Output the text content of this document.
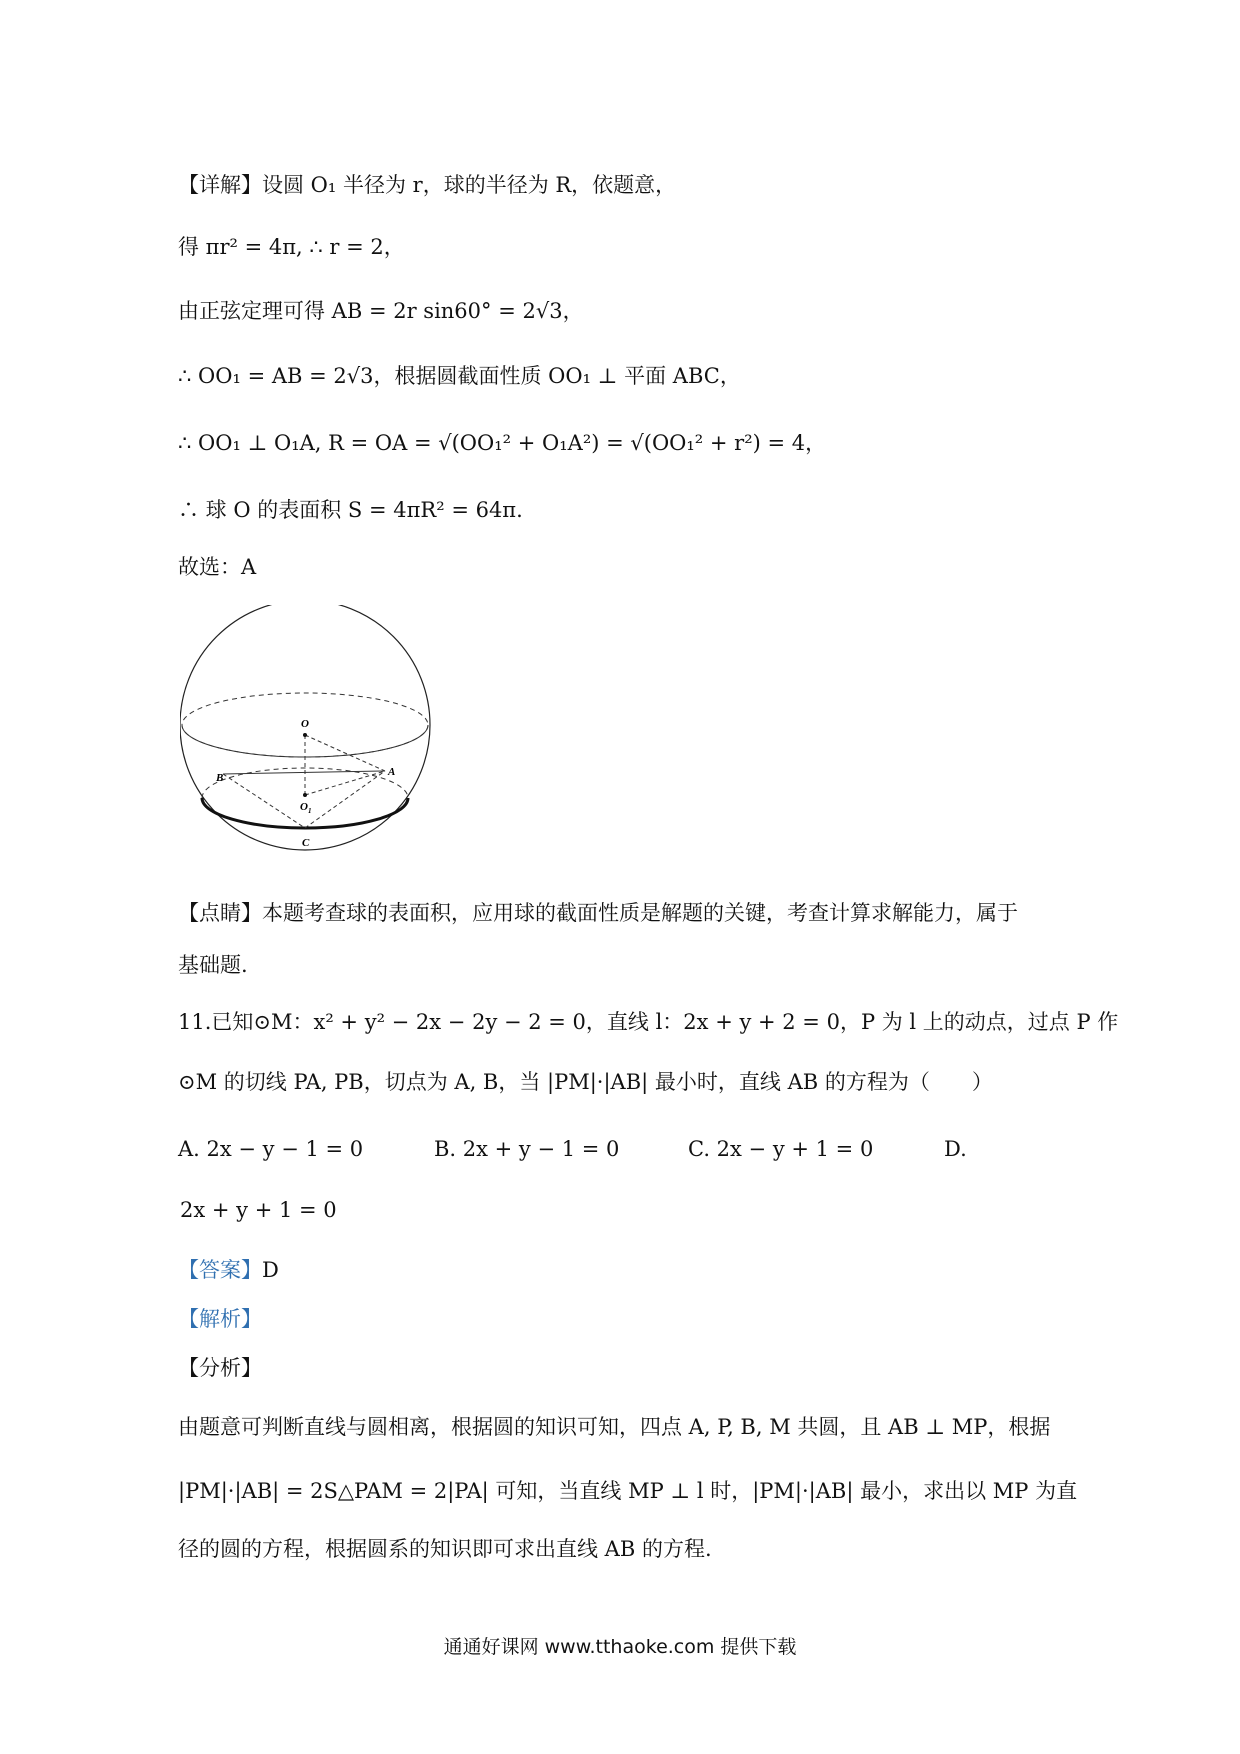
【详解】设圆 O₁ 半径为 r，球的半径为 R，依题意，
得 πr² = 4π, ∴ r = 2，
由正弦定理可得 AB = 2r sin60° = 2√3，
∴ OO₁ = AB = 2√3，根据圆截面性质 OO₁ ⊥ 平面 ABC，
∴ OO₁ ⊥ O₁A, R = OA = √(OO₁² + O₁A²) = √(OO₁² + r²) = 4，
∴ 球 O 的表面积 S = 4πR² = 64π.
故选：A
O
A
B
$O_1$
C
【点睛】本题考查球的表面积，应用球的截面性质是解题的关键，考查计算求解能力，属于
基础题.
11.已知⊙M：x² + y² − 2x − 2y − 2 = 0，直线 l：2x + y + 2 = 0，P 为 l 上的动点，过点 P 作
⊙M 的切线 PA, PB，切点为 A, B，当 |PM|·|AB| 最小时，直线 AB 的方程为（　　）
A. 2x − y − 1 = 0	B. 2x + y − 1 = 0	C. 2x − y + 1 = 0	D.
2x + y + 1 = 0
【答案】D
【解析】
【分析】
由题意可判断直线与圆相离，根据圆的知识可知，四点 A, P, B, M 共圆，且 AB ⊥ MP，根据
|PM|·|AB| = 2S△PAM = 2|PA| 可知，当直线 MP ⊥ l 时，|PM|·|AB| 最小，求出以 MP 为直
径的圆的方程，根据圆系的知识即可求出直线 AB 的方程.
通通好课网 www.tthaoke.com 提供下载
